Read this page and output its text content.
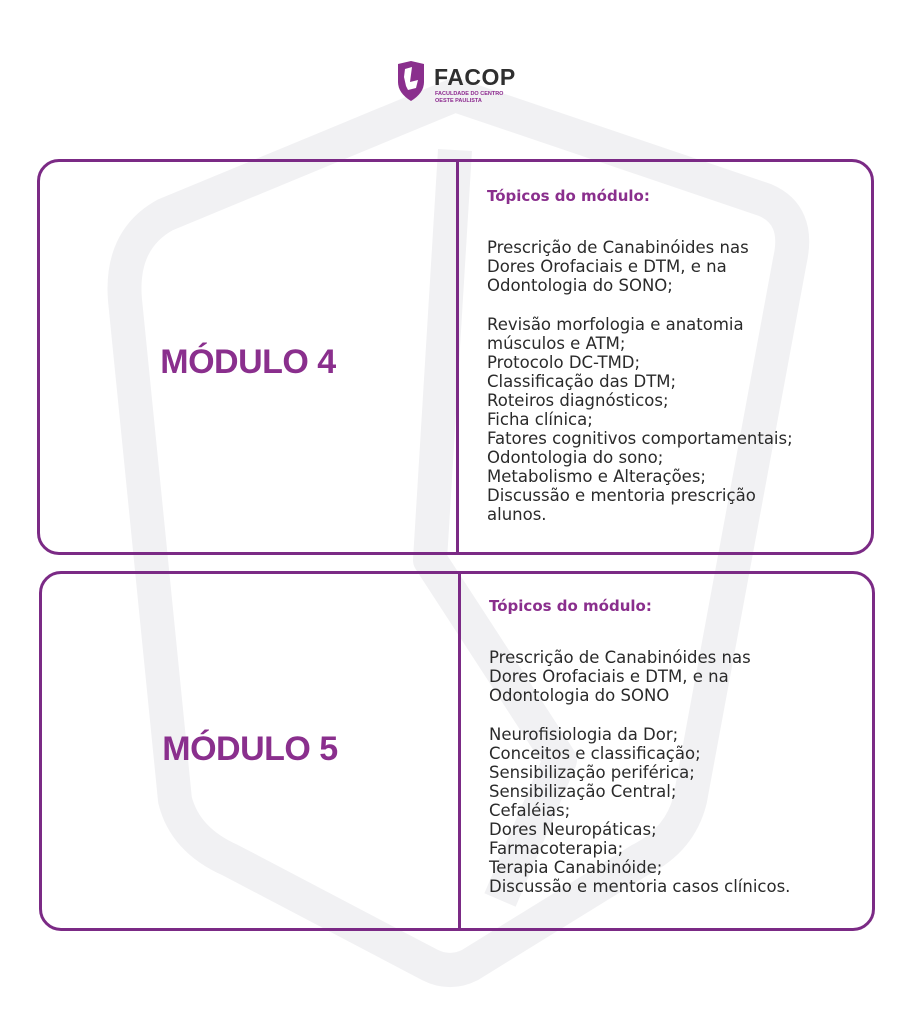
FACOP
FACULDADE DO CENTRO
OESTE PAULISTA
MÓDULO 4
Tópicos do módulo:
Prescrição de Canabinóides nas
Dores Orofaciais e DTM, e na
Odontologia do SONO;
Revisão morfologia e anatomia
músculos e ATM;
Protocolo DC-TMD;
Classificação das DTM;
Roteiros diagnósticos;
Ficha clínica;
Fatores cognitivos comportamentais;
Odontologia do sono;
Metabolismo e Alterações;
Discussão e mentoria prescrição
alunos.
MÓDULO 5
Tópicos do módulo:
Prescrição de Canabinóides nas
Dores Orofaciais e DTM, e na
Odontologia do SONO
Neurofisiologia da Dor;
Conceitos e classificação;
Sensibilização periférica;
Sensibilização Central;
Cefaléias;
Dores Neuropáticas;
Farmacoterapia;
Terapia Canabinóide;
Discussão e mentoria casos clínicos.
